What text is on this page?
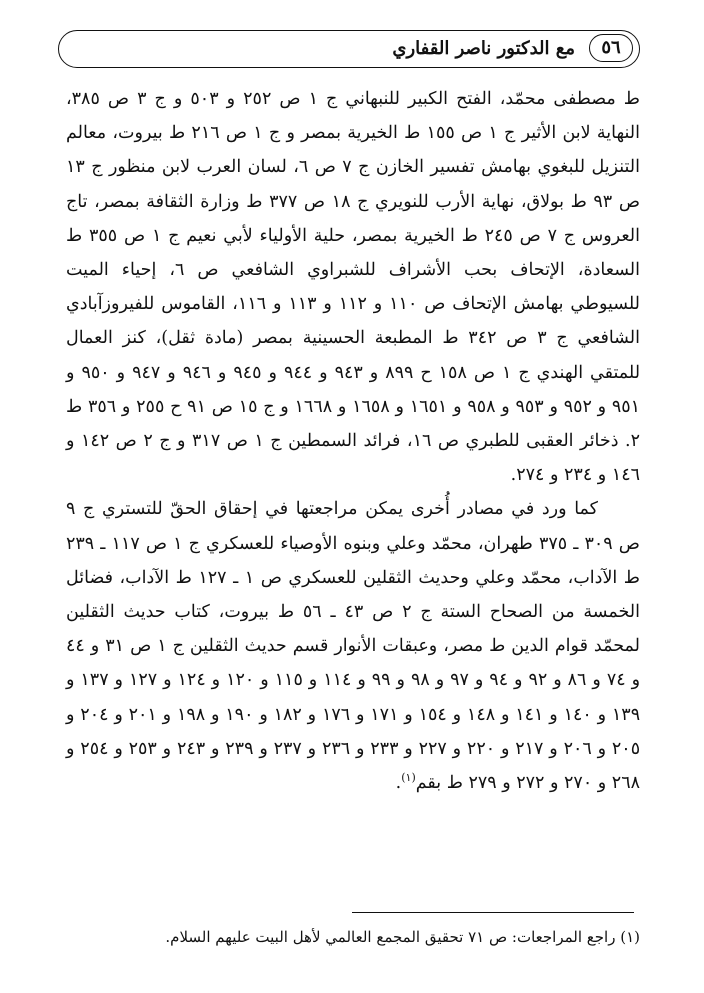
٥٦
مع الدكتور ناصر القفاري

ط مصطفى محمّد، الفتح الكبير للنبهاني ج ١ ص ٢٥٢ و ٥٠٣ و ج ٣ ص ٣٨٥، النهاية لابن الأثير ج ١ ص ١٥٥ ط الخيرية بمصر و ج ١ ص ٢١٦ ط بيروت، معالم التنزيل للبغوي بهامش تفسير الخازن ج ٧ ص ٦، لسان العرب لابن منظور ج ١٣ ص ٩٣ ط بولاق، نهاية الأرب للنويري ج ١٨ ص ٣٧٧ ط وزارة الثقافة بمصر، تاج العروس ج ٧ ص ٢٤٥ ط الخيرية بمصر، حلية الأولياء لأبي نعيم ج ١ ص ٣٥٥ ط السعادة، الإتحاف بحب الأشراف للشبراوي الشافعي ص ٦، إحياء الميت للسيوطي بهامش الإتحاف ص ١١٠ و ١١٢ و ١١٣ و ١١٦، القاموس للفيروزآبادي الشافعي ج ٣ ص ٣٤٢ ط المطبعة الحسينية بمصر (مادة ثقل)، كنز العمال للمتقي الهندي ج ١ ص ١٥٨ ح ٨٩٩ و ٩٤٣ و ٩٤٤ و ٩٤٥ و ٩٤٦ و ٩٤٧ و ٩٥٠ و ٩٥١ و ٩٥٢ و ٩٥٣ و ٩٥٨ و ١٦٥١ و ١٦٥٨ و ١٦٦٨ و ج ١٥ ص ٩١ ح ٢٥٥ و ٣٥٦ ط ٢. ذخائر العقبى للطبري ص ١٦، فرائد السمطين ج ١ ص ٣١٧ و ج ٢ ص ١٤٢ و ١٤٦ و ٢٣٤ و ٢٧٤.

كما ورد في مصادر أُخرى يمكن مراجعتها في إحقاق الحقّ للتستري ج ٩ ص ٣٠٩ ـ ٣٧٥ طهران، محمّد وعلي وبنوه الأوصياء للعسكري ج ١ ص ١١٧ ـ ٢٣٩ ط الآداب، محمّد وعلي وحديث الثقلين للعسكري ص ١ ـ ١٢٧ ط الآداب، فضائل الخمسة من الصحاح الستة ج ٢ ص ٤٣ ـ ٥٦ ط بيروت، كتاب حديث الثقلين لمحمّد قوام الدين ط مصر، وعبقات الأنوار قسم حديث الثقلين ج ١ ص ٣١ و ٤٤ و ٧٤ و ٨٦ و ٩٢ و ٩٤ و ٩٧ و ٩٨ و ٩٩ و ١١٤ و ١١٥ و ١٢٠ و ١٢٤ و ١٢٧ و ١٣٧ و ١٣٩ و ١٤٠ و ١٤١ و ١٤٨ و ١٥٤ و ١٧١ و ١٧٦ و ١٨٢ و ١٩٠ و ١٩٨ و ٢٠١ و ٢٠٤ و ٢٠٥ و ٢٠٦ و ٢١٧ و ٢٢٠ و ٢٢٧ و ٢٣٣ و ٢٣٦ و ٢٣٧ و ٢٣٩ و ٢٤٣ و ٢٥٣ و ٢٥٤ و ٢٦٨ و ٢٧٠ و ٢٧٢ و ٢٧٩ ط بقم$^{(١)}$.

(١) راجع المراجعات: ص ٧١ تحقيق المجمع العالمي لأهل البيت عليهم السلام.
